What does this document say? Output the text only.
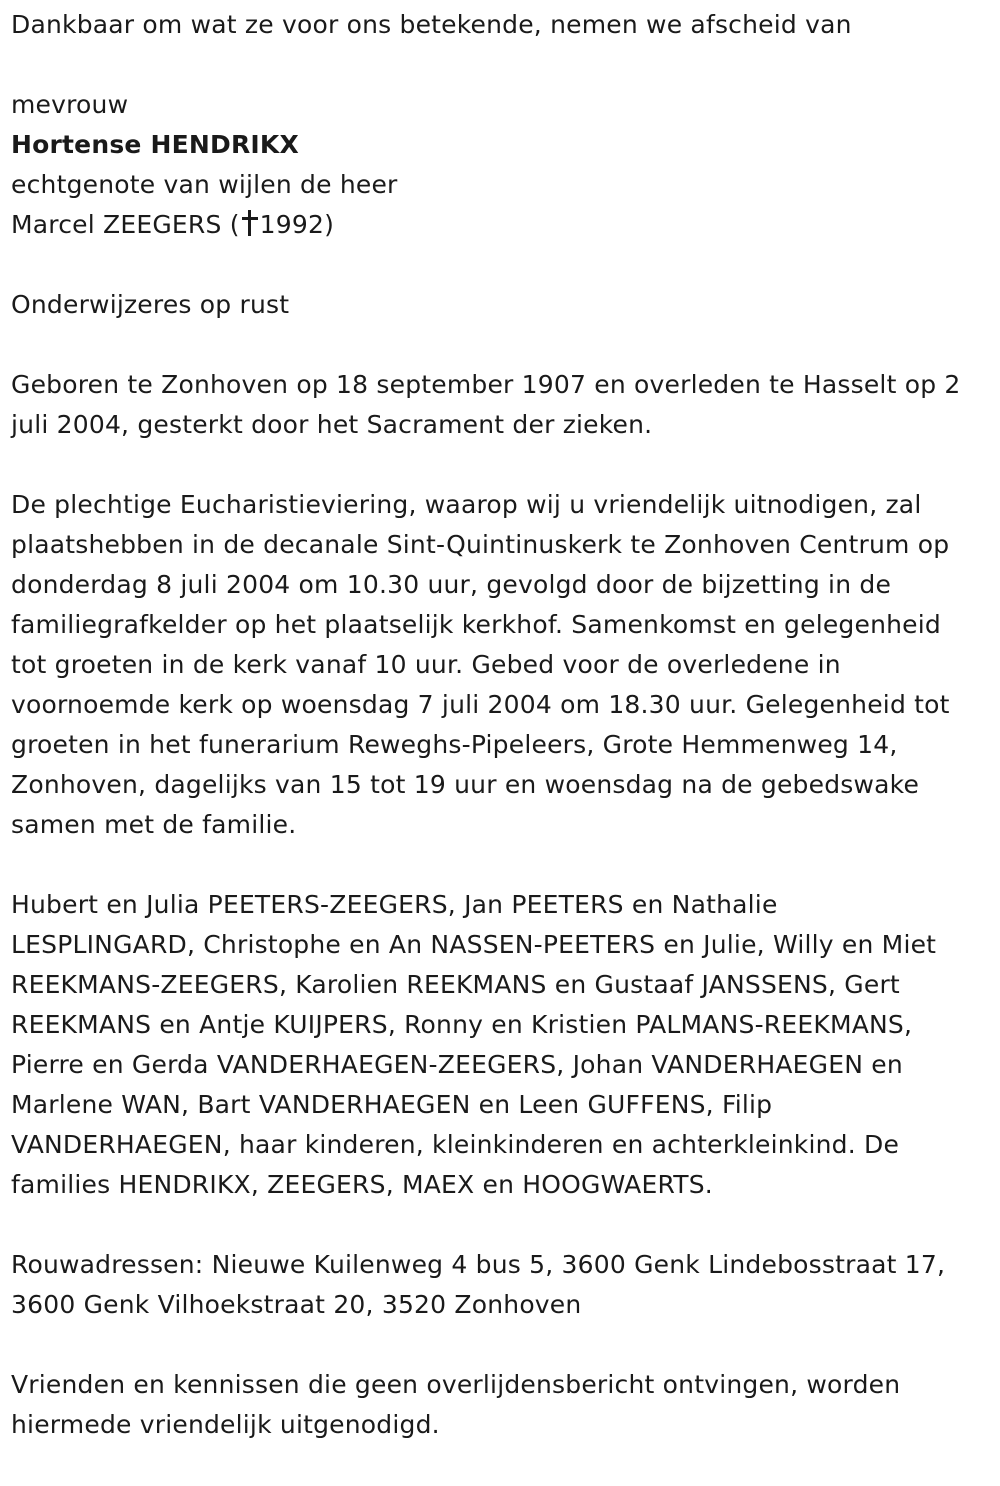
Dankbaar om wat ze voor ons betekende, nemen we afscheid van
mevrouw
Hortense HENDRIKX
echtgenote van wijlen de heer
Marcel ZEEGERS ( 1992)
Onderwijzeres op rust
Geboren te Zonhoven op 18 september 1907 en overleden te Hasselt op 2
juli 2004, gesterkt door het Sacrament der zieken.
De plechtige Eucharistieviering, waarop wij u vriendelijk uitnodigen, zal
plaatshebben in de decanale Sint-Quintinuskerk te Zonhoven Centrum op
donderdag 8 juli 2004 om 10.30 uur, gevolgd door de bijzetting in de
familiegrafkelder op het plaatselijk kerkhof. Samenkomst en gelegenheid
tot groeten in de kerk vanaf 10 uur. Gebed voor de overledene in
voornoemde kerk op woensdag 7 juli 2004 om 18.30 uur. Gelegenheid tot
groeten in het funerarium Reweghs-Pipeleers, Grote Hemmenweg 14,
Zonhoven, dagelijks van 15 tot 19 uur en woensdag na de gebedswake
samen met de familie.
Hubert en Julia PEETERS-ZEEGERS, Jan PEETERS en Nathalie
LESPLINGARD, Christophe en An NASSEN-PEETERS en Julie, Willy en Miet
REEKMANS-ZEEGERS, Karolien REEKMANS en Gustaaf JANSSENS, Gert
REEKMANS en Antje KUIJPERS, Ronny en Kristien PALMANS-REEKMANS,
Pierre en Gerda VANDERHAEGEN-ZEEGERS, Johan VANDERHAEGEN en
Marlene WAN, Bart VANDERHAEGEN en Leen GUFFENS, Filip
VANDERHAEGEN, haar kinderen, kleinkinderen en achterkleinkind. De
families HENDRIKX, ZEEGERS, MAEX en HOOGWAERTS.
Rouwadressen: Nieuwe Kuilenweg 4 bus 5, 3600 Genk Lindebosstraat 17,
3600 Genk Vilhoekstraat 20, 3520 Zonhoven
Vrienden en kennissen die geen overlijdensbericht ontvingen, worden
hiermede vriendelijk uitgenodigd.
